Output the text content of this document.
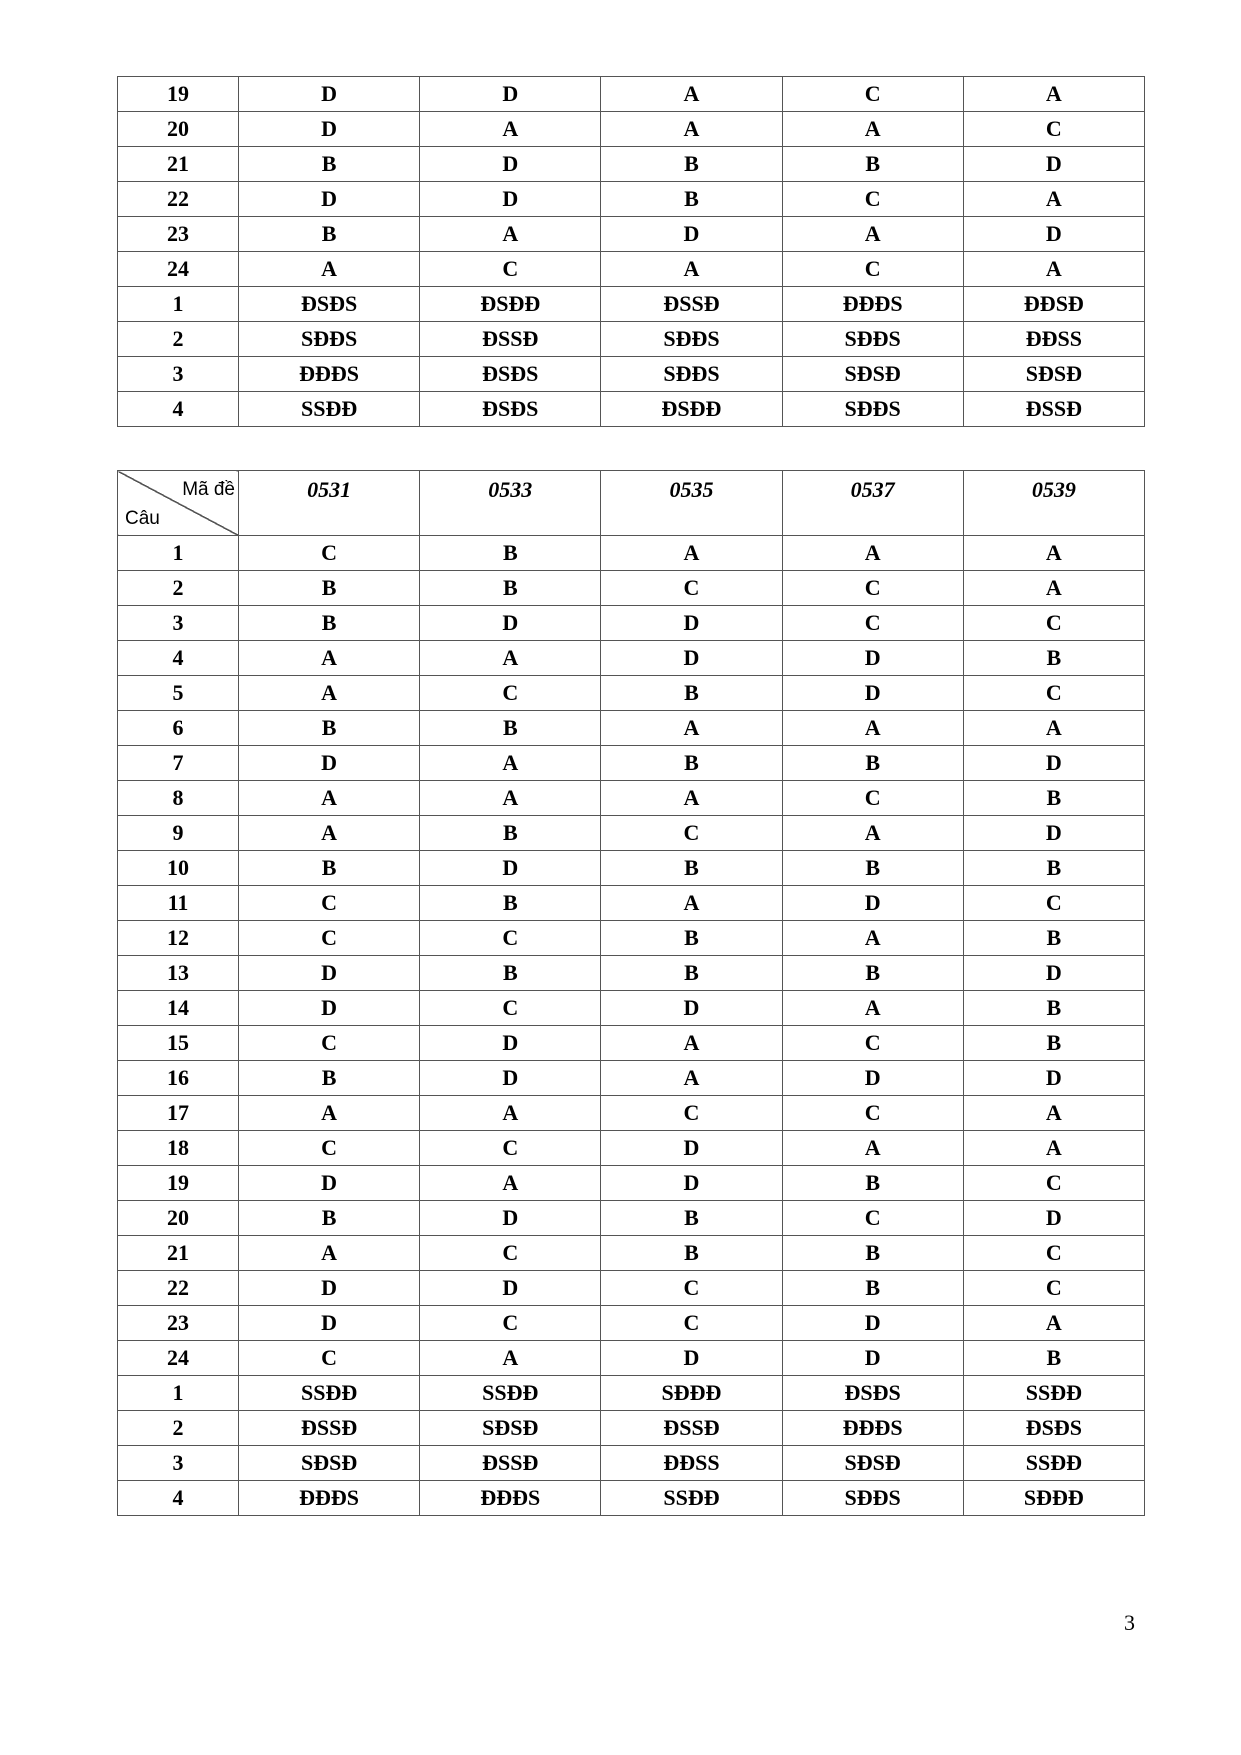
19	D	D	A	C	A
20	D	A	A	A	C
21	B	D	B	B	D
22	D	D	B	C	A
23	B	A	D	A	D
24	A	C	A	C	A
1	ĐSĐS	ĐSĐĐ	ĐSSĐ	ĐĐĐS	ĐĐSĐ
2	SĐĐS	ĐSSĐ	SĐĐS	SĐĐS	ĐĐSS
3	ĐĐĐS	ĐSĐS	SĐĐS	SĐSĐ	SĐSĐ
4	SSĐĐ	ĐSĐS	ĐSĐĐ	SĐĐS	ĐSSĐ
Mã đề
Câu	0531	0533	0535	0537	0539
1	C	B	A	A	A
2	B	B	C	C	A
3	B	D	D	C	C
4	A	A	D	D	B
5	A	C	B	D	C
6	B	B	A	A	A
7	D	A	B	B	D
8	A	A	A	C	B
9	A	B	C	A	D
10	B	D	B	B	B
11	C	B	A	D	C
12	C	C	B	A	B
13	D	B	B	B	D
14	D	C	D	A	B
15	C	D	A	C	B
16	B	D	A	D	D
17	A	A	C	C	A
18	C	C	D	A	A
19	D	A	D	B	C
20	B	D	B	C	D
21	A	C	B	B	C
22	D	D	C	B	C
23	D	C	C	D	A
24	C	A	D	D	B
1	SSĐĐ	SSĐĐ	SĐĐĐ	ĐSĐS	SSĐĐ
2	ĐSSĐ	SĐSĐ	ĐSSĐ	ĐĐĐS	ĐSĐS
3	SĐSĐ	ĐSSĐ	ĐĐSS	SĐSĐ	SSĐĐ
4	ĐĐĐS	ĐĐĐS	SSĐĐ	SĐĐS	SĐĐĐ
3
